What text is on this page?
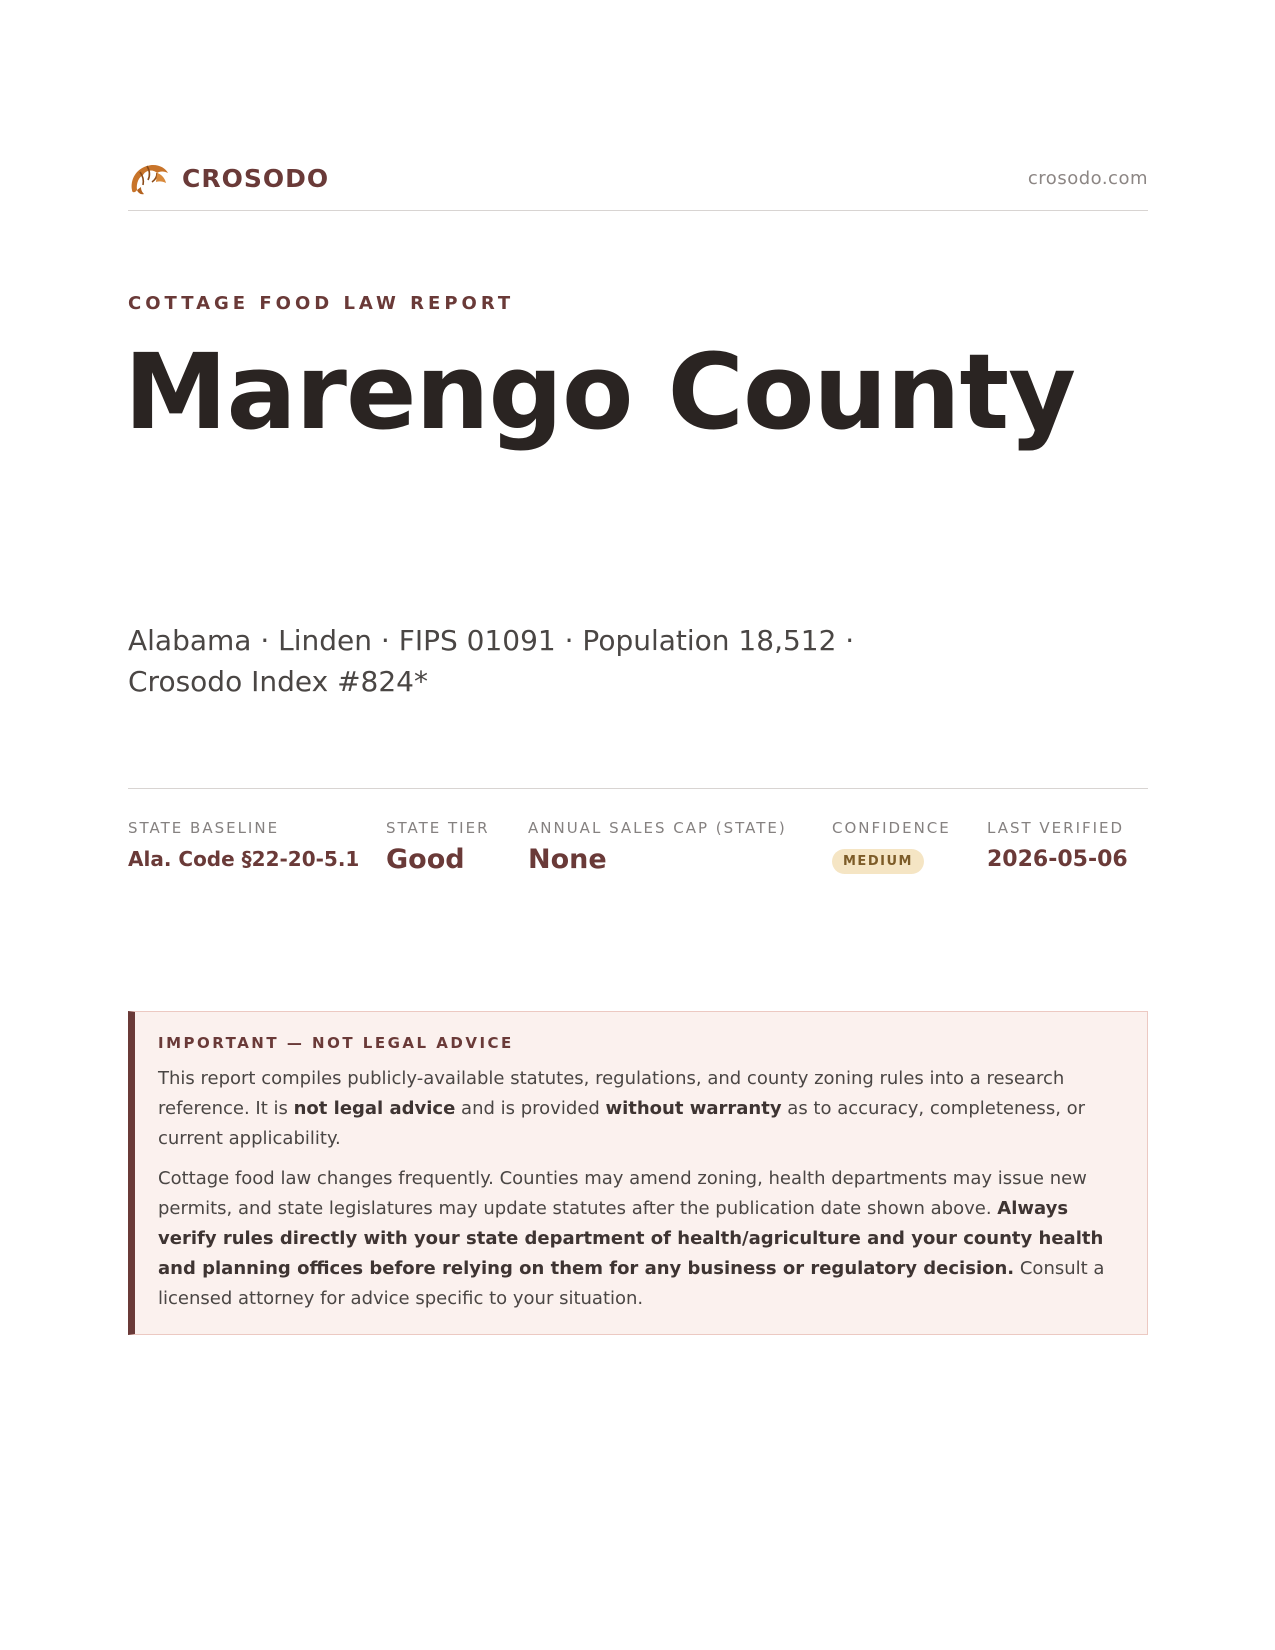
CROSODO	crosodo.com
COTTAGE FOOD LAW REPORT
Marengo County
Alabama · Linden · FIPS 01091 · Population 18,512 · Crosodo Index #824*
STATE BASELINE
Ala. Code §22-20-5.1
STATE TIER
Good
ANNUAL SALES CAP (STATE)
None
CONFIDENCE
MEDIUM
LAST VERIFIED
2026-05-06
IMPORTANT — NOT LEGAL ADVICE

This report compiles publicly-available statutes, regulations, and county zoning rules into a research reference. It is not legal advice and is provided without warranty as to accuracy, completeness, or current applicability.

Cottage food law changes frequently. Counties may amend zoning, health departments may issue new permits, and state legislatures may update statutes after the publication date shown above. Always verify rules directly with your state department of health/agriculture and your county health and planning offices before relying on them for any business or regulatory decision. Consult a licensed attorney for advice specific to your situation.
